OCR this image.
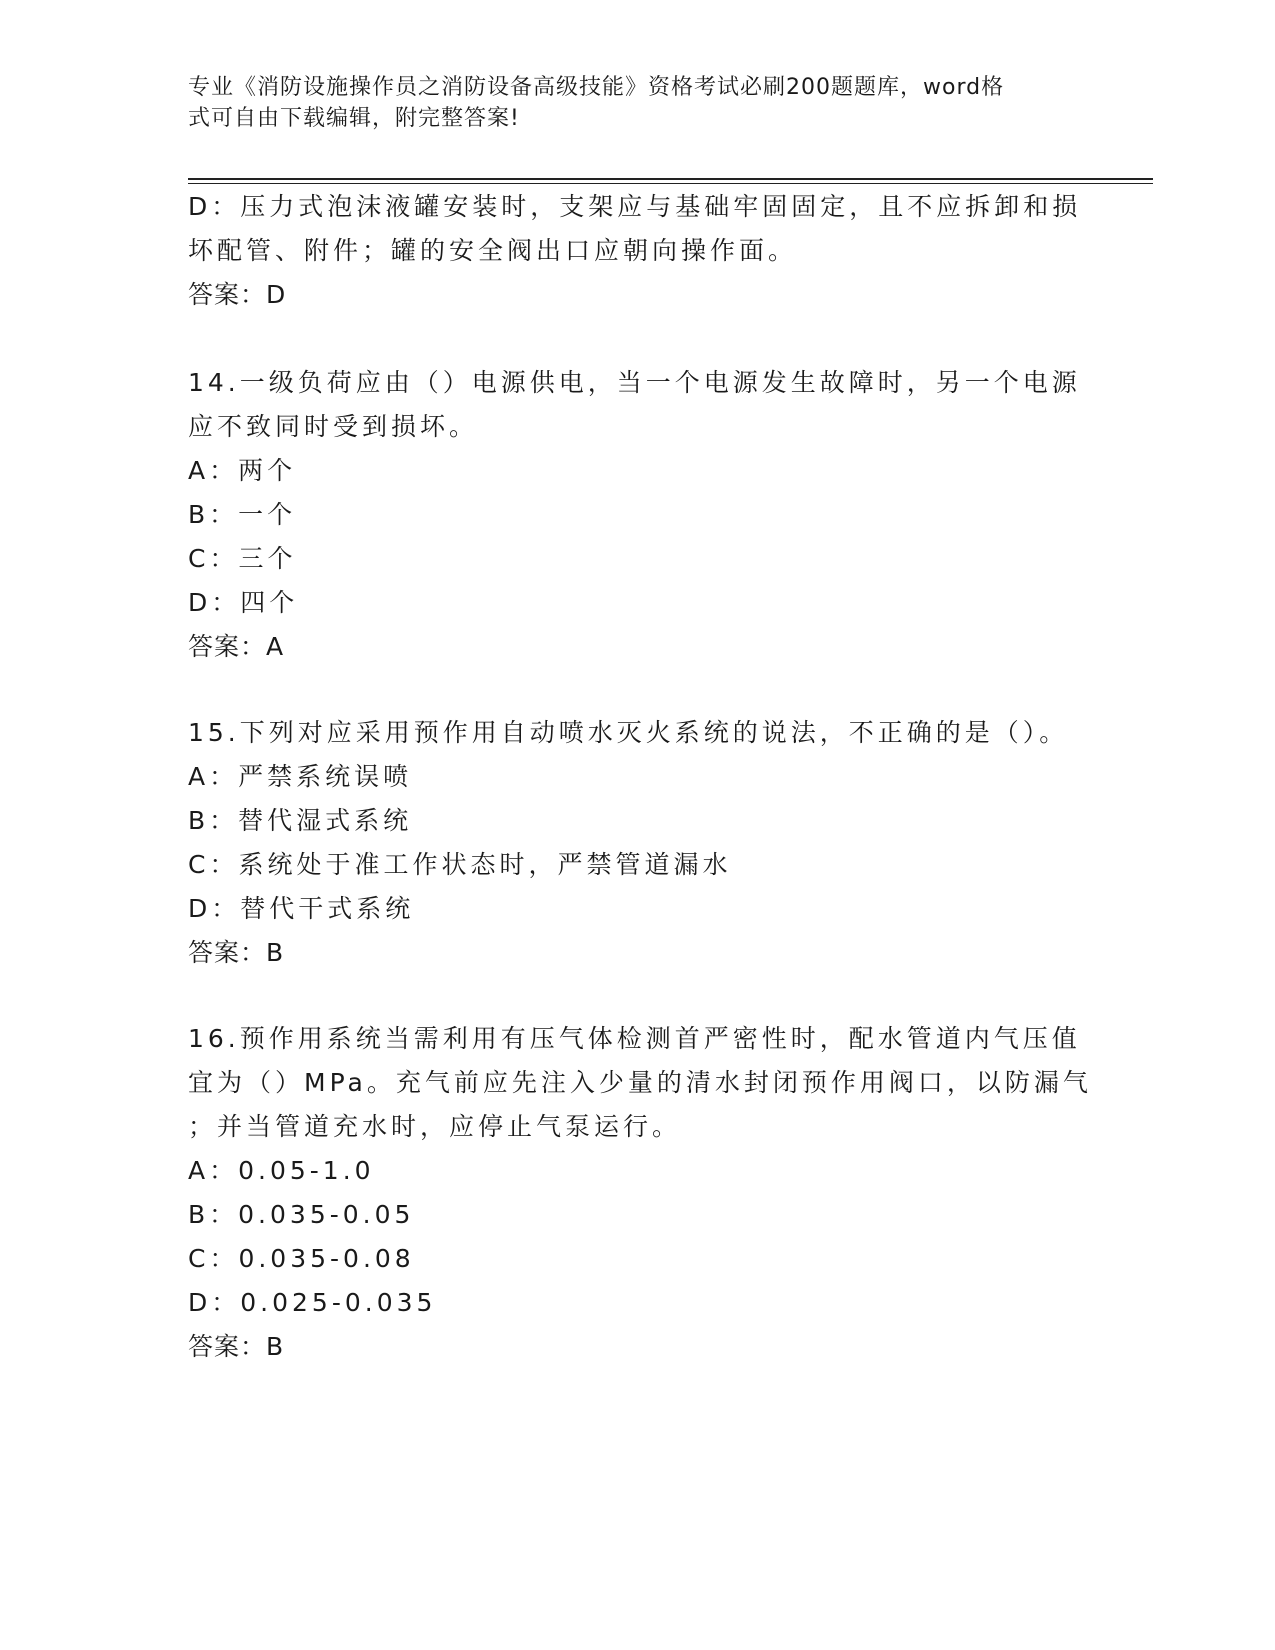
专业《消防设施操作员之消防设备高级技能》资格考试必刷200题题库，word格
式可自由下载编辑，附完整答案!
D：压力式泡沫液罐安装时，支架应与基础牢固固定，且不应拆卸和损
坏配管、附件；罐的安全阀出口应朝向操作面。
答案：D
14.一级负荷应由（）电源供电，当一个电源发生故障时，另一个电源
应不致同时受到损坏。
A：两个
B：一个
C：三个
D：四个
答案：A
15.下列对应采用预作用自动喷水灭火系统的说法，不正确的是（）。
A：严禁系统误喷
B：替代湿式系统
C：系统处于准工作状态时，严禁管道漏水
D：替代干式系统
答案：B
16.预作用系统当需利用有压气体检测首严密性时，配水管道内气压值
宜为（）MPa。充气前应先注入少量的清水封闭预作用阀口，以防漏气
；并当管道充水时，应停止气泵运行。
A：0.05-1.0
B：0.035-0.05
C：0.035-0.08
D：0.025-0.035
答案：B
